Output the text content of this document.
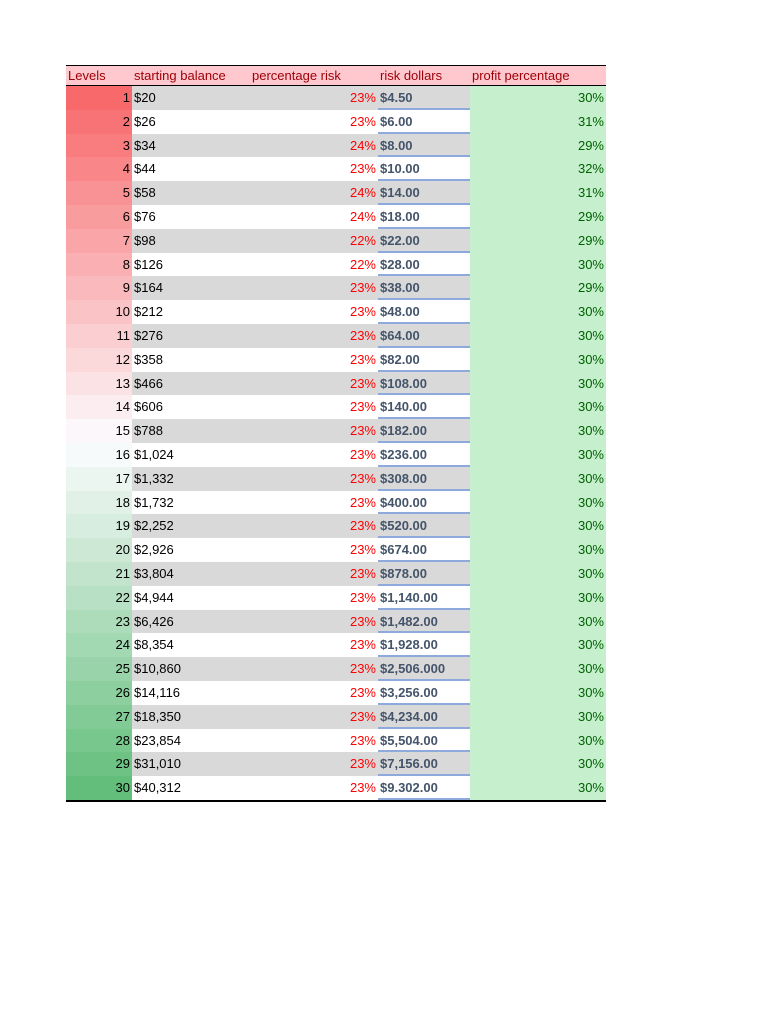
Levels	starting balance	percentage risk	risk dollars	profit percentage
1 $20	23% $4.50	30%
2 $26	23% $6.00	31%
3 $34	24% $8.00	29%
4 $44	23% $10.00	32%
5 $58	24% $14.00	31%
6 $76	24% $18.00	29%
7 $98	22% $22.00	29%
8 $126	22% $28.00	30%
9 $164	23% $38.00	29%
10 $212	23% $48.00	30%
11 $276	23% $64.00	30%
12 $358	23% $82.00	30%
13 $466	23% $108.00	30%
14 $606	23% $140.00	30%
15 $788	23% $182.00	30%
16 $1,024	23% $236.00	30%
17 $1,332	23% $308.00	30%
18 $1,732	23% $400.00	30%
19 $2,252	23% $520.00	30%
20 $2,926	23% $674.00	30%
21 $3,804	23% $878.00	30%
22 $4,944	23% $1,140.00	30%
23 $6,426	23% $1,482.00	30%
24 $8,354	23% $1,928.00	30%
25 $10,860	23% $2,506.000	30%
26 $14,116	23% $3,256.00	30%
27 $18,350	23% $4,234.00	30%
28 $23,854	23% $5,504.00	30%
29 $31,010	23% $7,156.00	30%
30 $40,312	23% $9.302.00	30%
